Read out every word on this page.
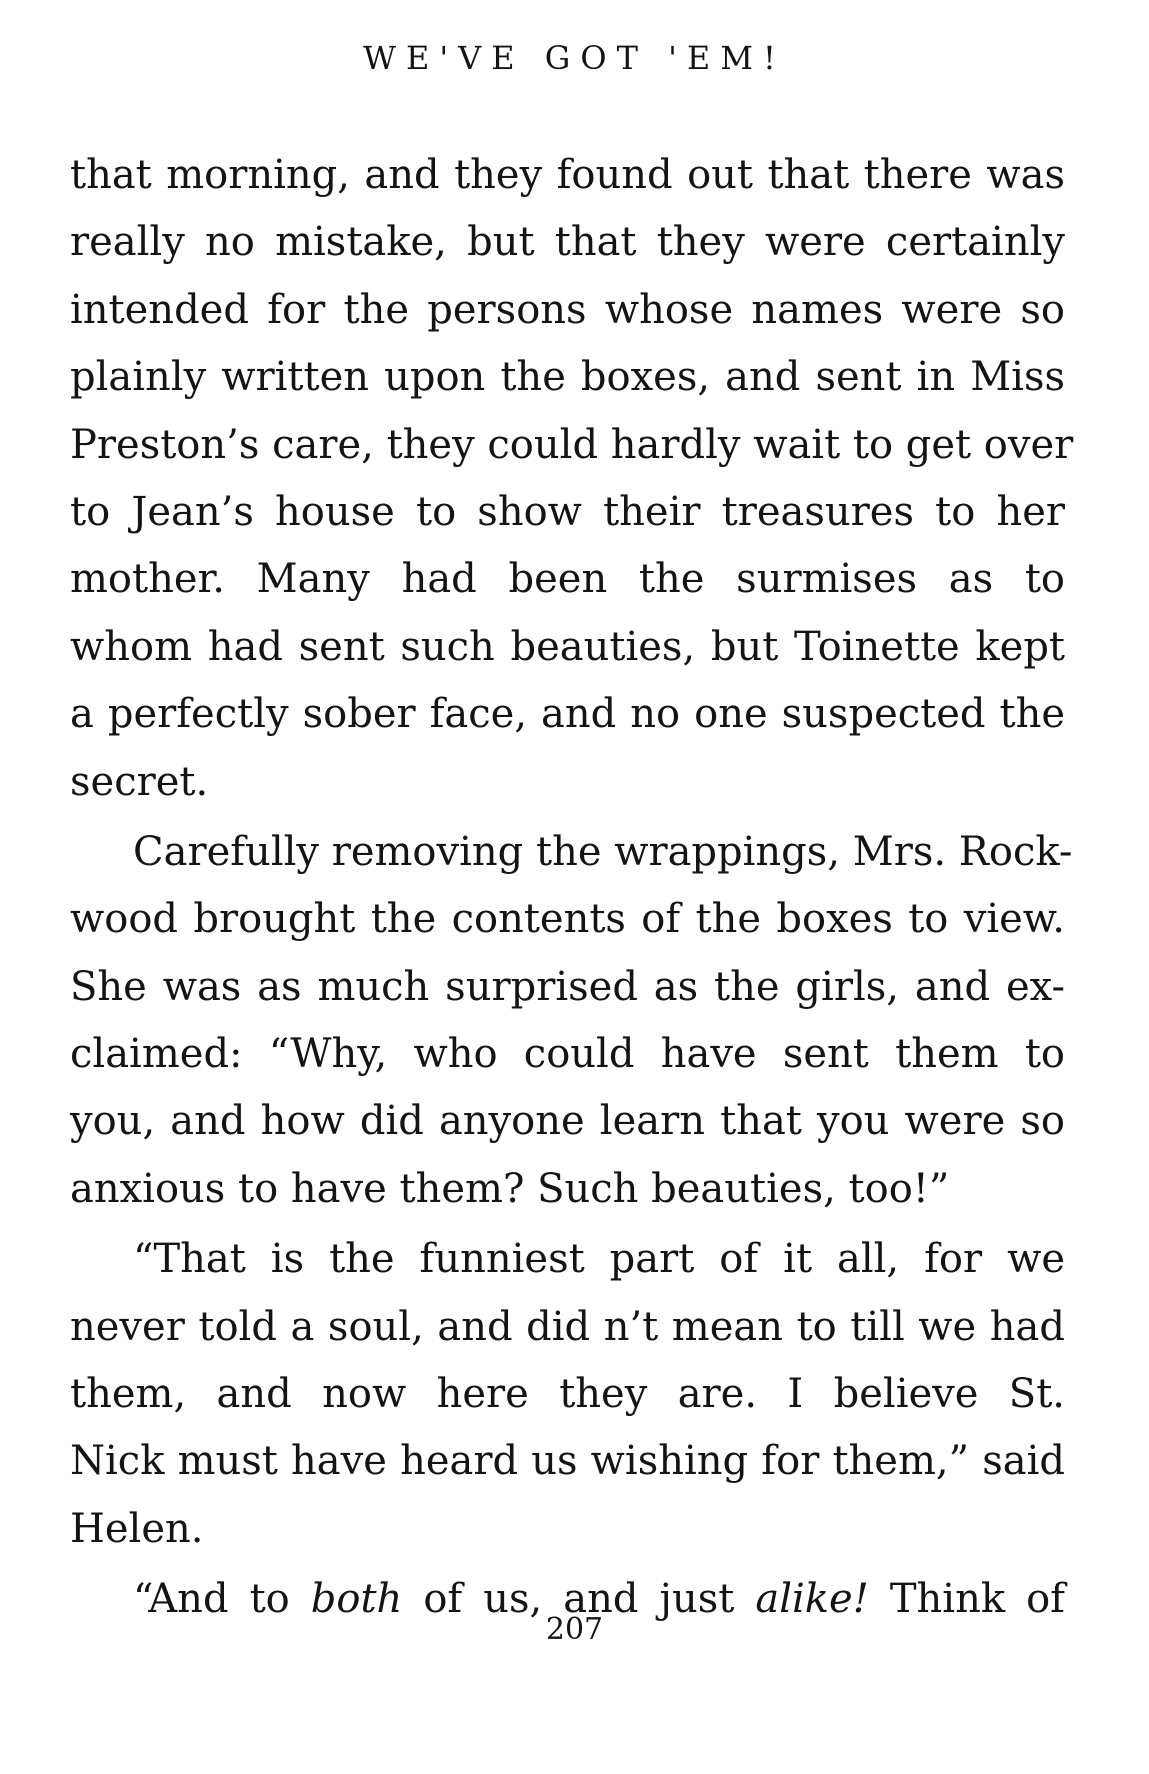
WE'VE GOT 'EM!
that morning, and they found out that there was
really no mistake, but that they were certainly
intended for the persons whose names were so
plainly written upon the boxes, and sent in Miss
Preston’s care, they could hardly wait to get over
to Jean’s house to show their treasures to her
mother. Many had been the surmises as to
whom had sent such beauties, but Toinette kept
a perfectly sober face, and no one suspected the
secret.
Carefully removing the wrappings, Mrs. Rock-
wood brought the contents of the boxes to view.
She was as much surprised as the girls, and ex-
claimed: “Why, who could have sent them to
you, and how did anyone learn that you were so
anxious to have them? Such beauties, too!”
“That is the funniest part of it all, for we
never told a soul, and did n’t mean to till we had
them, and now here they are. I believe St.
Nick must have heard us wishing for them,” said
Helen.
“And to both of us, and just alike! Think of
207
